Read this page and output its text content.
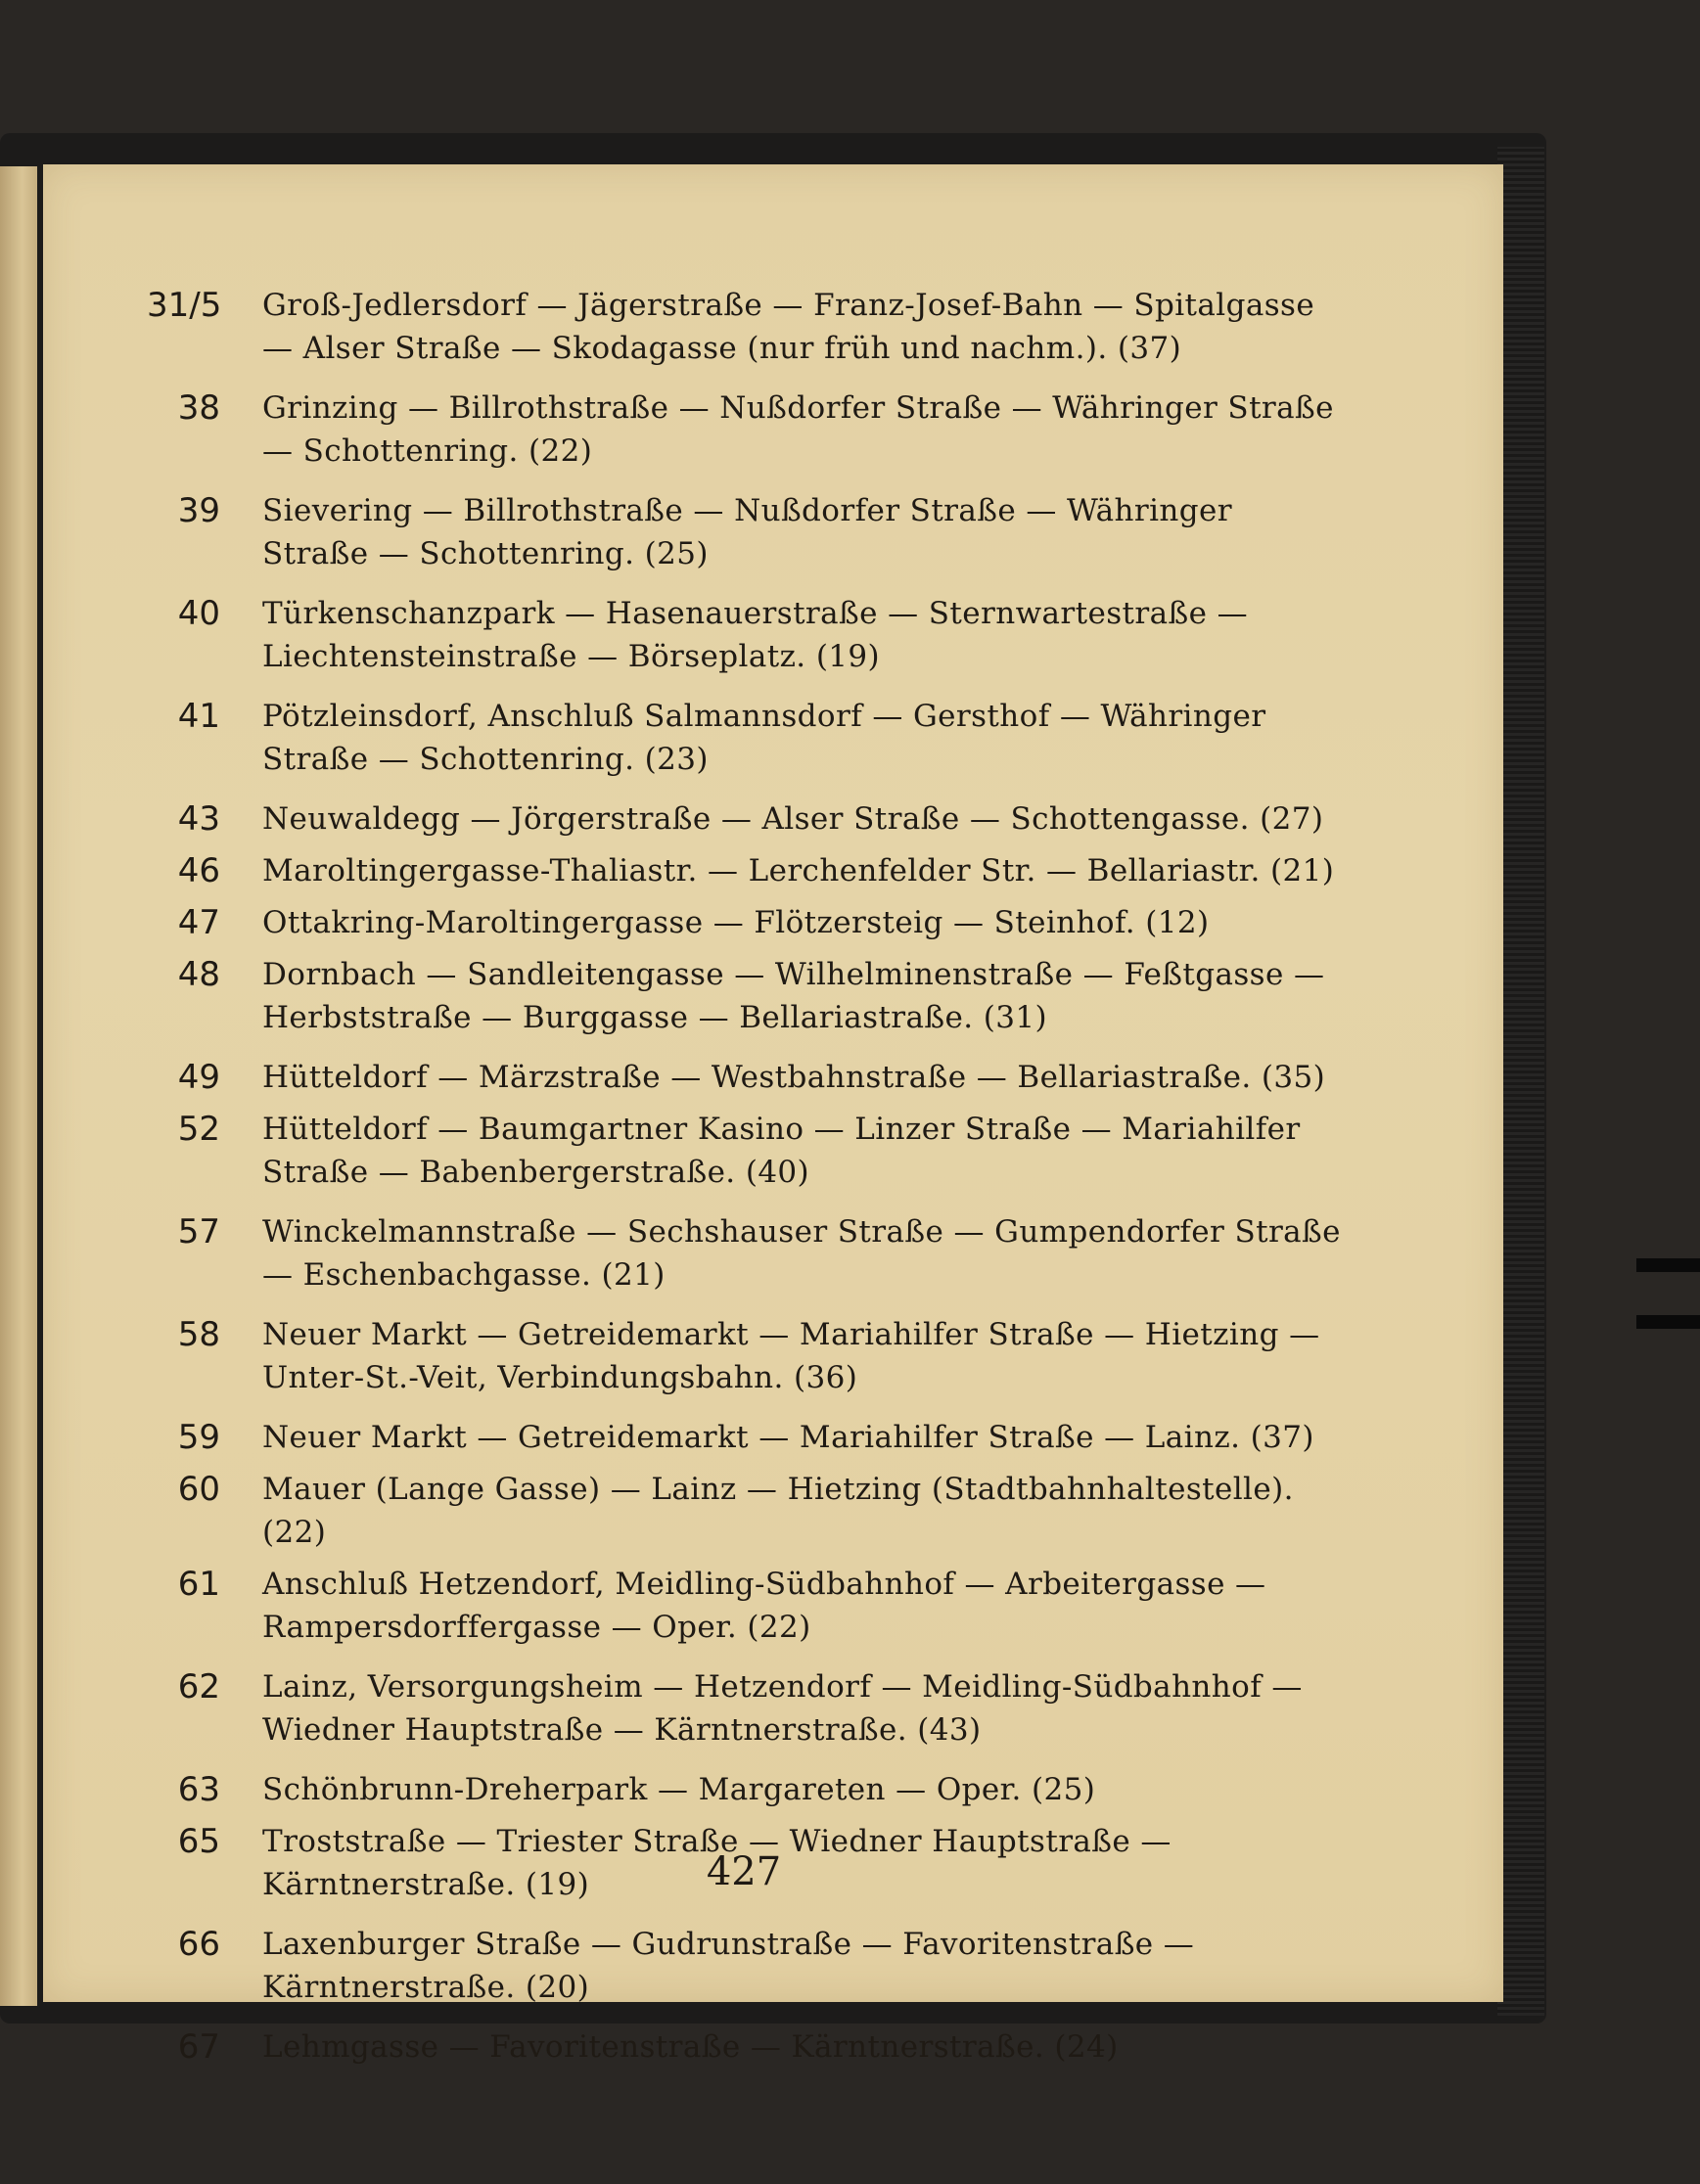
31/5 Groß-Jedlersdorf — Jägerstraße — Franz-Josef-Bahn — Spitalgasse — Alser Straße — Skodagasse (nur früh und nachm.). (37)
38 Grinzing — Billrothstraße — Nußdorfer Straße — Währinger Straße — Schottenring. (22)
39 Sievering — Billrothstraße — Nußdorfer Straße — Währinger Straße — Schottenring. (25)
40 Türkenschanzpark — Hasenauerstraße — Sternwartestraße — Liechtensteinstraße — Börseplatz. (19)
41 Pötzleinsdorf, Anschluß Salmannsdorf — Gersthof — Währinger Straße — Schottenring. (23)
43 Neuwaldegg — Jörgerstraße — Alser Straße — Schottengasse. (27)
46 Maroltingergasse-Thaliastr. — Lerchenfelder Str. — Bellariastr. (21)
47 Ottakring-Maroltingergasse — Flötzersteig — Steinhof. (12)
48 Dornbach — Sandleitengasse — Wilhelminenstraße — Feßtgasse — Herbststraße — Burggasse — Bellariastraße. (31)
49 Hütteldorf — Märzstraße — Westbahnstraße — Bellariastraße. (35)
52 Hütteldorf — Baumgartner Kasino — Linzer Straße — Mariahilfer Straße — Babenbergerstraße. (40)
57 Winckelmannstraße — Sechshauser Straße — Gumpendorfer Straße — Eschenbachgasse. (21)
58 Neuer Markt — Getreidemarkt — Mariahilfer Straße — Hietzing — Unter-St.-Veit, Verbindungsbahn. (36)
59 Neuer Markt — Getreidemarkt — Mariahilfer Straße — Lainz. (37)
60 Mauer (Lange Gasse) — Lainz — Hietzing (Stadtbahnhaltestelle). (22)
61 Anschluß Hetzendorf, Meidling-Südbahnhof — Arbeitergasse — Rampersdorffergasse — Oper. (22)
62 Lainz, Versorgungsheim — Hetzendorf — Meidling-Südbahnhof — Wiedner Hauptstraße — Kärntnerstraße. (43)
63 Schönbrunn-Dreherpark — Margareten — Oper. (25)
65 Troststraße — Triester Straße — Wiedner Hauptstraße — Kärntnerstraße. (19)
66 Laxenburger Straße — Gudrunstraße — Favoritenstraße — Kärntnerstraße. (20)
67 Lehmgasse — Favoritenstraße — Kärntnerstraße. (24)
427
